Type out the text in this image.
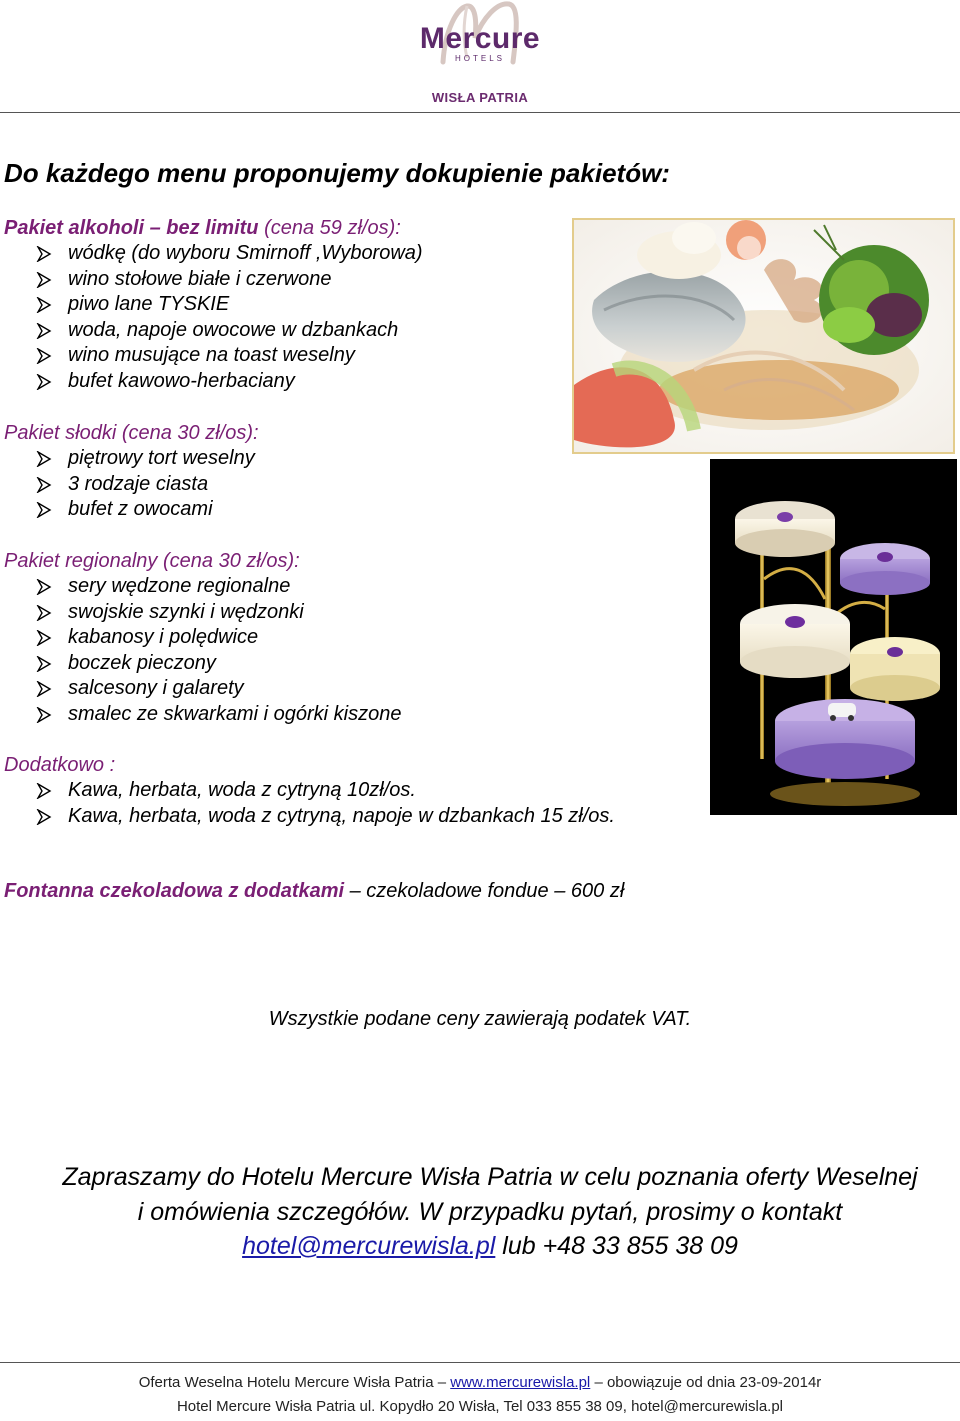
Mercure
HOTELS
WISŁA PATRIA
Do każdego menu proponujemy dokupienie pakietów:
Pakiet alkoholi – bez limitu (cena 59 zł/os):
wódkę (do wyboru Smirnoff ,Wyborowa)
wino stołowe białe i czerwone
piwo lane TYSKIE
woda, napoje owocowe w dzbankach
wino musujące na toast weselny
bufet kawowo-herbaciany
Pakiet słodki (cena 30 zł/os):
piętrowy tort weselny
3 rodzaje ciasta
bufet z owocami
Pakiet regionalny (cena 30 zł/os):
sery wędzone regionalne
swojskie szynki i wędzonki
kabanosy i polędwice
boczek pieczony
salcesony i galarety
smalec ze skwarkami i ogórki kiszone
Dodatkowo :
Kawa, herbata, woda z cytryną 10zł/os.
Kawa, herbata, woda z cytryną, napoje w dzbankach 15 zł/os.
Fontanna czekoladowa z dodatkami – czekoladowe fondue – 600 zł
Wszystkie podane ceny zawierają podatek VAT.
Zapraszamy do Hotelu Mercure Wisła Patria w celu poznania oferty Weselnej
i omówienia szczegółów. W przypadku pytań, prosimy o kontakt
hotel@mercurewisla.pl lub +48 33 855 38 09
Oferta Weselna Hotelu Mercure Wisła Patria – www.mercurewisla.pl – obowiązuje od dnia 23-09-2014r
Hotel Mercure Wisła Patria ul. Kopydło 20 Wisła, Tel 033 855 38 09, hotel@mercurewisla.pl
